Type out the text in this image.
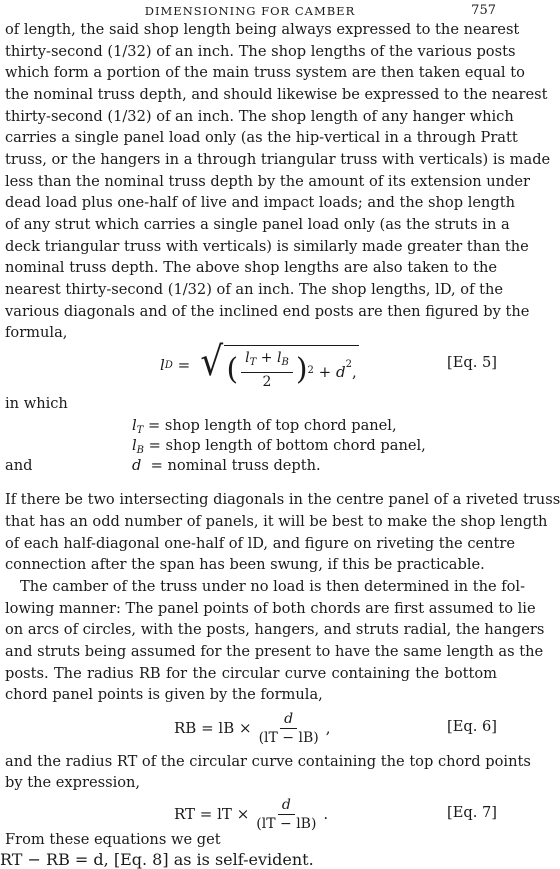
DIMENSIONING FOR CAMBER	757
of length, the said shop length being always expressed to the nearest
thirty-second (1/32) of an inch. The shop lengths of the various posts
which form a portion of the main truss system are then taken equal to
the nominal truss depth, and should likewise be expressed to the nearest
thirty-second (1/32) of an inch. The shop length of any hanger which
carries a single panel load only (as the hip-vertical in a through Pratt
truss, or the hangers in a through triangular truss with verticals) is made
less than the nominal truss depth by the amount of its extension under
dead load plus one-half of live and impact loads; and the shop length
of any strut which carries a single panel load only (as the struts in a
deck triangular truss with verticals) is similarly made greater than the
nominal truss depth. The above shop lengths are also taken to the
nearest thirty-second (1/32) of an inch. The shop lengths, lD, of the
various diagonals and of the inclined end posts are then figured by the
formula,
l D = √ ( $\frac{l_T + l_B}{2}$ ) $2 + d^2$,
[Eq. 5]
in which
$l_T$ = shop length of top chord panel,
$l_B$ = shop length of bottom chord panel,
and	d = nominal truss depth.
If there be two intersecting diagonals in the centre panel of a riveted truss
that has an odd number of panels, it will be best to make the shop length
of each half-diagonal one-half of lD, and figure on riveting the centre
connection after the span has been swung, if this be practicable.
The camber of the truss under no load is then determined in the fol-
lowing manner: The panel points of both chords are first assumed to lie
on arcs of circles, with the posts, hangers, and struts radial, the hangers
and struts being assumed for the present to have the same length as the
posts. The radius RB for the circular curve containing the bottom
chord panel points is given by the formula,
RB = lB × $\frac{d}{(lT - lB)}$ ,	[Eq. 6]
and the radius RT of the circular curve containing the top chord points
by the expression,
RT = lT × $\frac{d}{(lT - lB)}$ .	[Eq. 7]
From these equations we get
RT − RB = d, [Eq. 8] as is self-evident.
